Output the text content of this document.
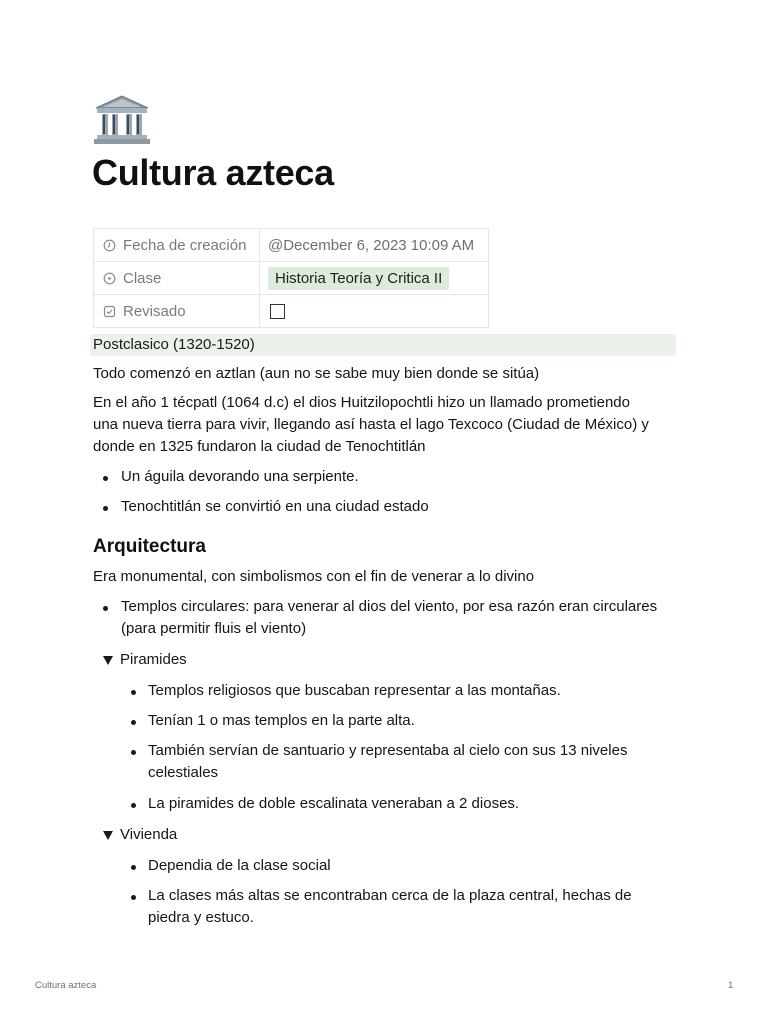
Cultura azteca
Fecha de creación	@December 6, 2023 10:09 AM

Clase	Historia Teoría y Critica II

Revisado	

Postclasico (1320-1520)

Todo comenzó en aztlan (aun no se sabe muy bien donde se sitúa)

En el año 1 técpatl (1064 d.c) el dios Huitzilopochtli hizo un llamado prometiendo

una nueva tierra para vivir, llegando así hasta el lago Texcoco (Ciudad de México) y

donde en 1325 fundaron la ciudad de Tenochtitlán

Un águila devorando una serpiente.
Tenochtitlán se convirtió en una ciudad estado
Arquitectura

Era monumental, con simbolismos con el fin de venerar a lo divino

Templos circulares: para venerar al dios del viento, por esa razón eran circulares
(para permitir fluis el viento)
Piramides
Templos religiosos que buscaban representar a las montañas.
Tenían 1 o mas templos en la parte alta.
También servían de santuario y representaba al cielo con sus 13 niveles
celestiales
La piramides de doble escalinata veneraban a 2 dioses.
Vivienda
Dependia de la clase social
La clases más altas se encontraban cerca de la plaza central, hechas de
piedra y estuco.
Cultura azteca	1
